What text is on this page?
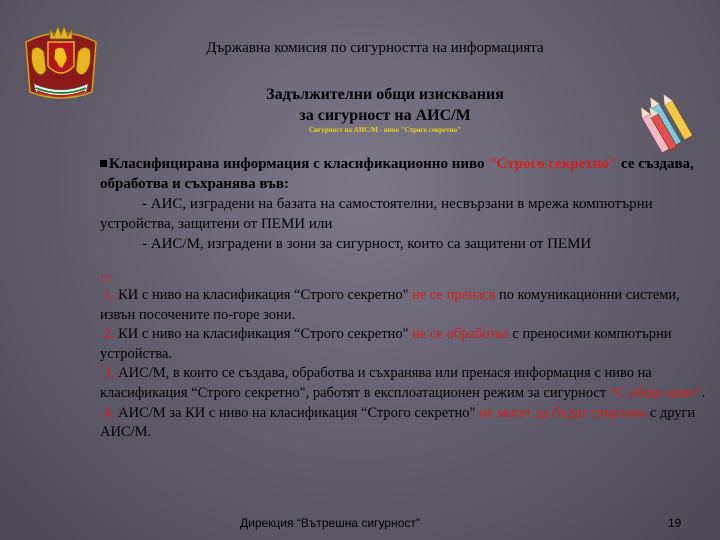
Държавна комисия по сигурността на информацията
Задължителни общи изисквания
за сигурност на АИС/М
Сигурност на АИС/М - ниво "Строго секретно"
Класифицирана информация с класификационно ниво "Строго секретно" се създава, обработва и съхранява във:
- АИС, изградени на базата на самостоятелни, несвързани в мрежа компютърни устройства, защитени от ПЕМИ или
- АИС/М, изградени в зони за сигурност, които са защитени от ПЕМИ
!!!
1. КИ с ниво на класификация “Строго секретно" не се пренася по комуникационни системи, извън посочените по-горе зони.
2. КИ с ниво на класификация “Строго секретно" не се обработва с преносими компютърни устройства.
3. АИС/М, в които се създава, обработва и съхранява или пренася информация с ниво на класификация “Строго секретно", работят в експлоатационен режим за сигурност “С общо ниво".
4. АИС/М за КИ с ниво на класификация “Строго секретно" не могат да бъдат свързани с други АИС/М.
Дирекция “Вътрешна сигурност”	19
